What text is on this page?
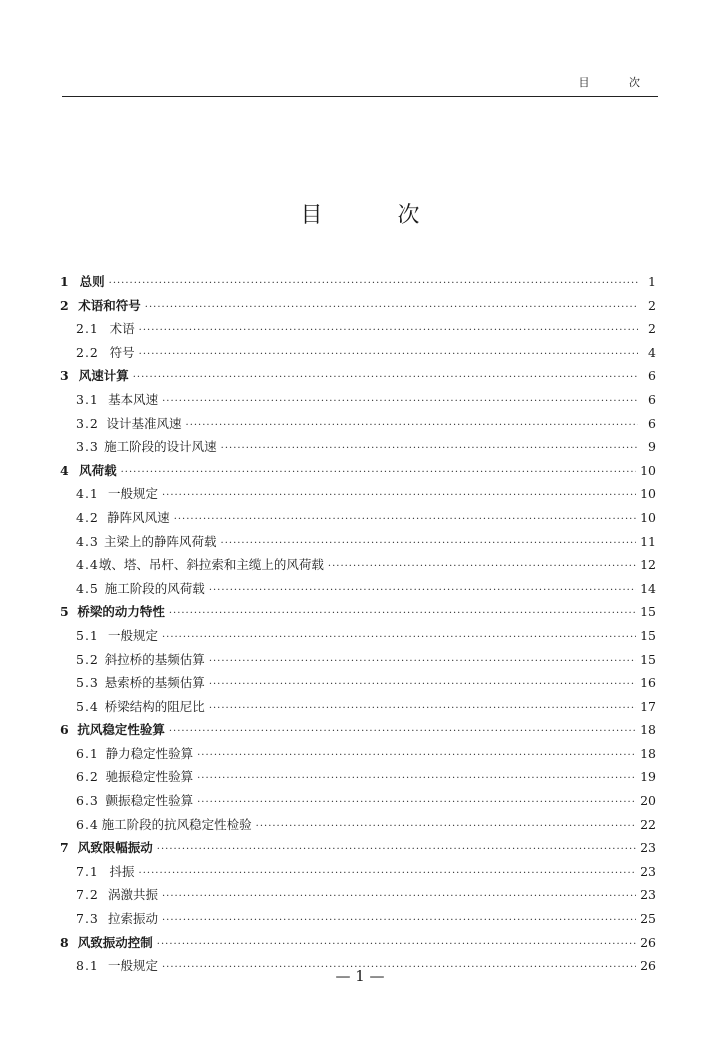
目 次
目 次
1 总则 ·····	1
2 术语和符号 ·····	2
2.1 术语 ·····	2
2.2 符号 ·····	4
3 风速计算 ·····	6
3.1 基本风速 ·····	6
3.2 设计基准风速 ·····	6
3.3 施工阶段的设计风速 ·····	9
4 风荷载 ·····	10
4.1 一般规定 ·····	10
4.2 静阵风风速 ·····	10
4.3 主梁上的静阵风荷载 ·····	11
4.4 墩、塔、吊杆、斜拉索和主缆上的风荷载 ·····	12
4.5 施工阶段的风荷载 ·····	14
5 桥梁的动力特性 ·····	15
5.1 一般规定 ·····	15
5.2 斜拉桥的基频估算 ·····	15
5.3 悬索桥的基频估算 ·····	16
5.4 桥梁结构的阻尼比 ·····	17
6 抗风稳定性验算 ·····	18
6.1 静力稳定性验算 ·····	18
6.2 驰振稳定性验算 ·····	19
6.3 颤振稳定性验算 ·····	20
6.4 施工阶段的抗风稳定性检验 ·····	22
7 风致限幅振动 ·····	23
7.1 抖振 ·····	23
7.2 涡激共振 ·····	23
7.3 拉索振动 ·····	25
8 风致振动控制 ·····	26
8.1 一般规定 ·····	26
— 1 —
